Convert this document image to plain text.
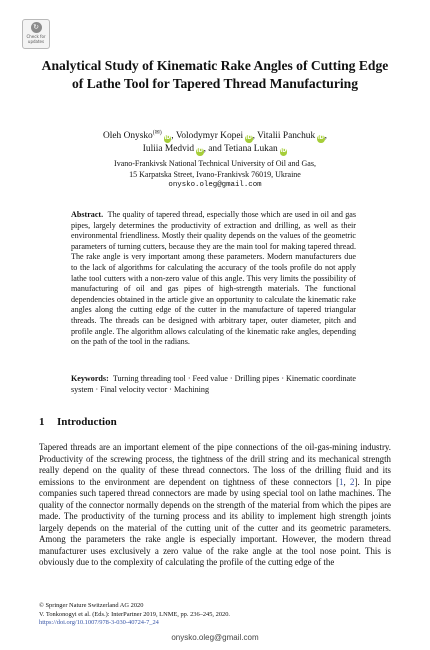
↻
Check for
updates
Analytical Study of Kinematic Rake Angles of Cutting Edge of Lathe Tool for Tapered Thread Manufacturing
Oleh Onysko(✉)iD, Volodymyr Kopei iD, Vitalii Panchuk iD,
Iuliia Medvid iD, and Tetiana Lukan iD
Ivano-Frankivsk National Technical University of Oil and Gas,
15 Karpatska Street, Ivano-Frankivsk 76019, Ukraine
onysko.oleg@gmail.com

Abstract. The quality of tapered thread, especially those which are used in oil and gas pipes, largely determines the productivity of extraction and drilling, as well as their environmental friendliness. Mostly their quality depends on the values of the geometric parameters of turning cutters, because they are the main tool for making tapered thread. The rake angle is very important among these parameters. Modern manufacturers due to the lack of algorithms for calculating the accuracy of the tools profile do not apply lathe tool cutters with a non-zero value of this angle. This very limits the possibility of manufacturing of oil and gas pipes of high-strength materials. The functional dependencies obtained in the article give an opportunity to calculate the kinematic rake angles along the cutting edge of the cutter in the manufacture of tapered triangular threads. The threads can be designed with arbitrary taper, outer diameter, pitch and profile angle. The algorithm allows calculating of the kinematic rake angles, depending on the path of the tool in the radians.

Keywords: Turning threading tool · Feed value · Drilling pipes · Kinematic coordinate system · Final velocity vector · Machining

1 Introduction

Tapered threads are an important element of the pipe connections of the oil-gas-mining industry. Productivity of the screwing process, the tightness of the drill string and its mechanical strength really depend on the quality of these thread connectors. The loss of the drilling fluid and its emissions to the environment are dependent on tightness of these connectors [1, 2]. In pipe companies such tapered thread connectors are made by using special tool on lathe machines. The quality of the connector normally depends on the strength of the material from which the pipes are made. The productivity of the turning process and its ability to implement high strength joints largely depends on the material of the cutting unit of the cutter and its geometric parameters. Among the parameters the rake angle is especially important. However, the modern thread manufacturer uses exclusively a zero value of the rake angle at the tool nose point. This is obviously due to the complexity of calculating the profile of the cutting edge of the

© Springer Nature Switzerland AG 2020
V. Tonkonogyi et al. (Eds.): InterPartner 2019, LNME, pp. 236–245, 2020.
https://doi.org/10.1007/978-3-030-40724-7_24
onysko.oleg@gmail.com
